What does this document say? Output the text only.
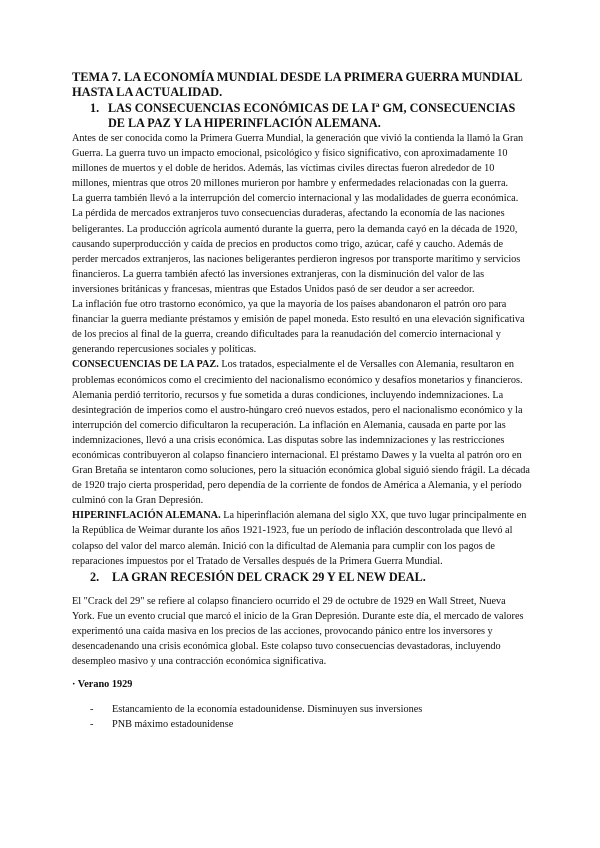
TEMA 7. LA ECONOMÍA MUNDIAL DESDE LA PRIMERA GUERRA MUNDIAL HASTA LA ACTUALIDAD.
1. LAS CONSECUENCIAS ECONÓMICAS DE LA Iª GM, CONSECUENCIAS DE LA PAZ Y LA HIPERINFLACIÓN ALEMANA.

Antes de ser conocida como la Primera Guerra Mundial, la generación que vivió la contienda la llamó la Gran Guerra. La guerra tuvo un impacto emocional, psicológico y físico significativo, con aproximadamente 10 millones de muertos y el doble de heridos. Además, las víctimas civiles directas fueron alrededor de 10 millones, mientras que otros 20 millones murieron por hambre y enfermedades relacionadas con la guerra.

La guerra también llevó a la interrupción del comercio internacional y las modalidades de guerra económica. La pérdida de mercados extranjeros tuvo consecuencias duraderas, afectando la economía de las naciones beligerantes. La producción agrícola aumentó durante la guerra, pero la demanda cayó en la década de 1920, causando superproducción y caída de precios en productos como trigo, azúcar, café y caucho. Además de perder mercados extranjeros, las naciones beligerantes perdieron ingresos por transporte marítimo y servicios financieros. La guerra también afectó las inversiones extranjeras, con la disminución del valor de las inversiones británicas y francesas, mientras que Estados Unidos pasó de ser deudor a ser acreedor.

La inflación fue otro trastorno económico, ya que la mayoría de los países abandonaron el patrón oro para financiar la guerra mediante préstamos y emisión de papel moneda. Esto resultó en una elevación significativa de los precios al final de la guerra, creando dificultades para la reanudación del comercio internacional y generando repercusiones sociales y políticas.

CONSECUENCIAS DE LA PAZ. Los tratados, especialmente el de Versalles con Alemania, resultaron en problemas económicos como el crecimiento del nacionalismo económico y desafíos monetarios y financieros. Alemania perdió territorio, recursos y fue sometida a duras condiciones, incluyendo indemnizaciones. La desintegración de imperios como el austro-húngaro creó nuevos estados, pero el nacionalismo económico y la interrupción del comercio dificultaron la recuperación. La inflación en Alemania, causada en parte por las indemnizaciones, llevó a una crisis económica. Las disputas sobre las indemnizaciones y las restricciones económicas contribuyeron al colapso financiero internacional. El préstamo Dawes y la vuelta al patrón oro en Gran Bretaña se intentaron como soluciones, pero la situación económica global siguió siendo frágil. La década de 1920 trajo cierta prosperidad, pero dependía de la corriente de fondos de América a Alemania, y el período culminó con la Gran Depresión.

HIPERINFLACIÓN ALEMANA. La hiperinflación alemana del siglo XX, que tuvo lugar principalmente en la República de Weimar durante los años 1921-1923, fue un período de inflación descontrolada que llevó al colapso del valor del marco alemán. Inició con la dificultad de Alemania para cumplir con los pagos de reparaciones impuestos por el Tratado de Versalles después de la Primera Guerra Mundial.

2.	LA GRAN RECESIÓN DEL CRACK 29 Y EL NEW DEAL.

El "Crack del 29" se refiere al colapso financiero ocurrido el 29 de octubre de 1929 en Wall Street, Nueva York. Fue un evento crucial que marcó el inicio de la Gran Depresión. Durante este día, el mercado de valores experimentó una caída masiva en los precios de las acciones, provocando pánico entre los inversores y desencadenando una crisis económica global. Este colapso tuvo consecuencias devastadoras, incluyendo desempleo masivo y una contracción económica significativa.

· Verano 1929
-	Estancamiento de la economía estadounidense. Disminuyen sus inversiones
-	PNB máximo estadounidense
